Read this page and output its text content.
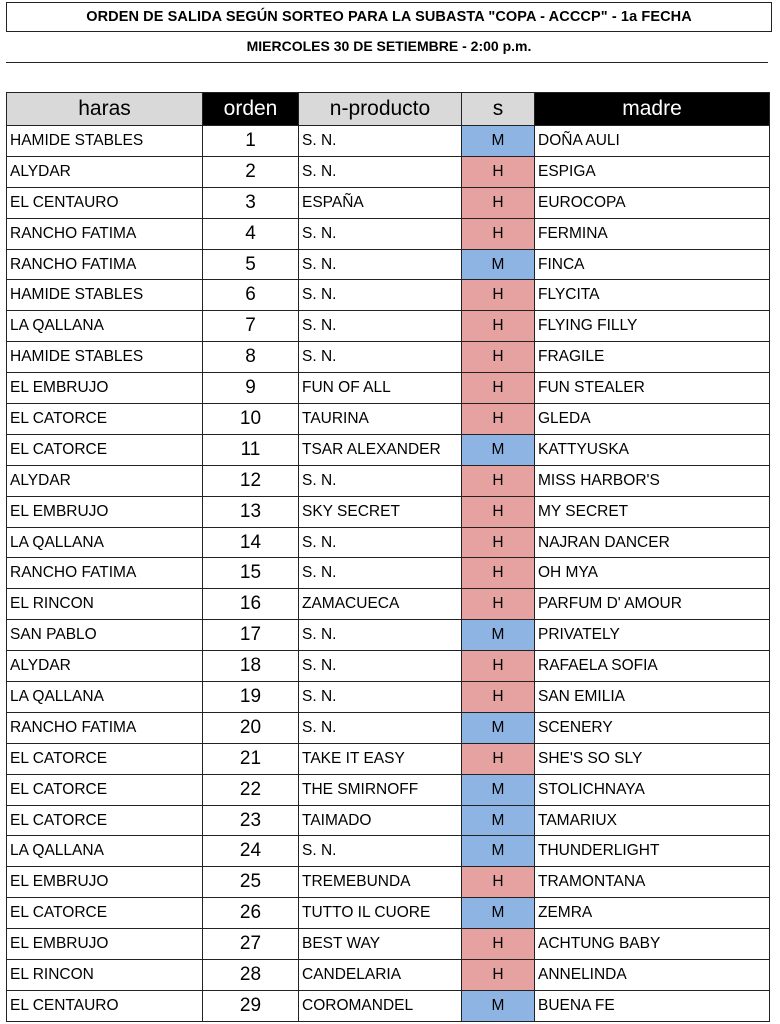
ORDEN DE SALIDA SEGÚN SORTEO PARA LA SUBASTA "COPA - ACCCP" - 1a FECHA
MIERCOLES 30 DE SETIEMBRE - 2:00 p.m.
haras	orden	n-producto	s	madre
HAMIDE STABLES	1	S. N.	M	DOÑA AULI
ALYDAR	2	S. N.	H	ESPIGA
EL CENTAURO	3	ESPAÑA	H	EUROCOPA
RANCHO FATIMA	4	S. N.	H	FERMINA
RANCHO FATIMA	5	S. N.	M	FINCA
HAMIDE STABLES	6	S. N.	H	FLYCITA
LA QALLANA	7	S. N.	H	FLYING FILLY
HAMIDE STABLES	8	S. N.	H	FRAGILE
EL EMBRUJO	9	FUN OF ALL	H	FUN STEALER
EL CATORCE	10	TAURINA	H	GLEDA
EL CATORCE	11	TSAR ALEXANDER	M	KATTYUSKA
ALYDAR	12	S. N.	H	MISS HARBOR'S
EL EMBRUJO	13	SKY SECRET	H	MY SECRET
LA QALLANA	14	S. N.	H	NAJRAN DANCER
RANCHO FATIMA	15	S. N.	H	OH MYA
EL RINCON	16	ZAMACUECA	H	PARFUM D' AMOUR
SAN PABLO	17	S. N.	M	PRIVATELY
ALYDAR	18	S. N.	H	RAFAELA SOFIA
LA QALLANA	19	S. N.	H	SAN EMILIA
RANCHO FATIMA	20	S. N.	M	SCENERY
EL CATORCE	21	TAKE IT EASY	H	SHE'S SO SLY
EL CATORCE	22	THE SMIRNOFF	M	STOLICHNAYA
EL CATORCE	23	TAIMADO	M	TAMARIUX
LA QALLANA	24	S. N.	M	THUNDERLIGHT
EL EMBRUJO	25	TREMEBUNDA	H	TRAMONTANA
EL CATORCE	26	TUTTO IL CUORE	M	ZEMRA
EL EMBRUJO	27	BEST WAY	H	ACHTUNG BABY
EL RINCON	28	CANDELARIA	H	ANNELINDA
EL CENTAURO	29	COROMANDEL	M	BUENA FE
